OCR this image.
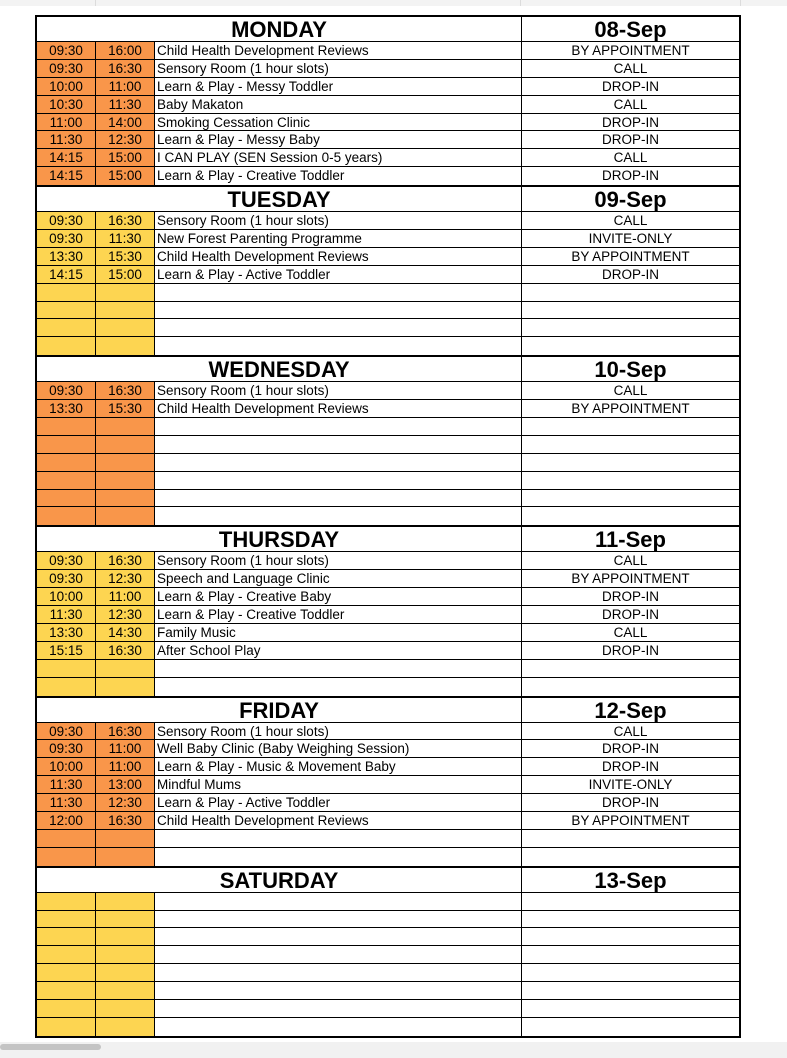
MONDAY	08-Sep
09:30	16:00	Child Health Development Reviews	BY APPOINTMENT
09:30	16:30	Sensory Room (1 hour slots)	CALL
10:00	11:00	Learn & Play - Messy Toddler	DROP-IN
10:30	11:30	Baby Makaton	CALL
11:00	14:00	Smoking Cessation Clinic	DROP-IN
11:30	12:30	Learn & Play - Messy Baby	DROP-IN
14:15	15:00	I CAN PLAY (SEN Session 0-5 years)	CALL
14:15	15:00	Learn & Play - Creative Toddler	DROP-IN
TUESDAY	09-Sep
09:30	16:30	Sensory Room (1 hour slots)	CALL
09:30	11:30	New Forest Parenting Programme	INVITE-ONLY
13:30	15:30	Child Health Development Reviews	BY APPOINTMENT
14:15	15:00	Learn & Play - Active Toddler	DROP-IN
WEDNESDAY	10-Sep
09:30	16:30	Sensory Room (1 hour slots)	CALL
13:30	15:30	Child Health Development Reviews	BY APPOINTMENT
THURSDAY	11-Sep
09:30	16:30	Sensory Room (1 hour slots)	CALL
09:30	12:30	Speech and Language Clinic	BY APPOINTMENT
10:00	11:00	Learn & Play - Creative Baby	DROP-IN
11:30	12:30	Learn & Play - Creative Toddler	DROP-IN
13:30	14:30	Family Music	CALL
15:15	16:30	After School Play	DROP-IN
FRIDAY	12-Sep
09:30	16:30	Sensory Room (1 hour slots)	CALL
09:30	11:00	Well Baby Clinic (Baby Weighing Session)	DROP-IN
10:00	11:00	Learn & Play - Music & Movement Baby	DROP-IN
11:30	13:00	Mindful Mums	INVITE-ONLY
11:30	12:30	Learn & Play - Active Toddler	DROP-IN
12:00	16:30	Child Health Development Reviews	BY APPOINTMENT
SATURDAY	13-Sep
